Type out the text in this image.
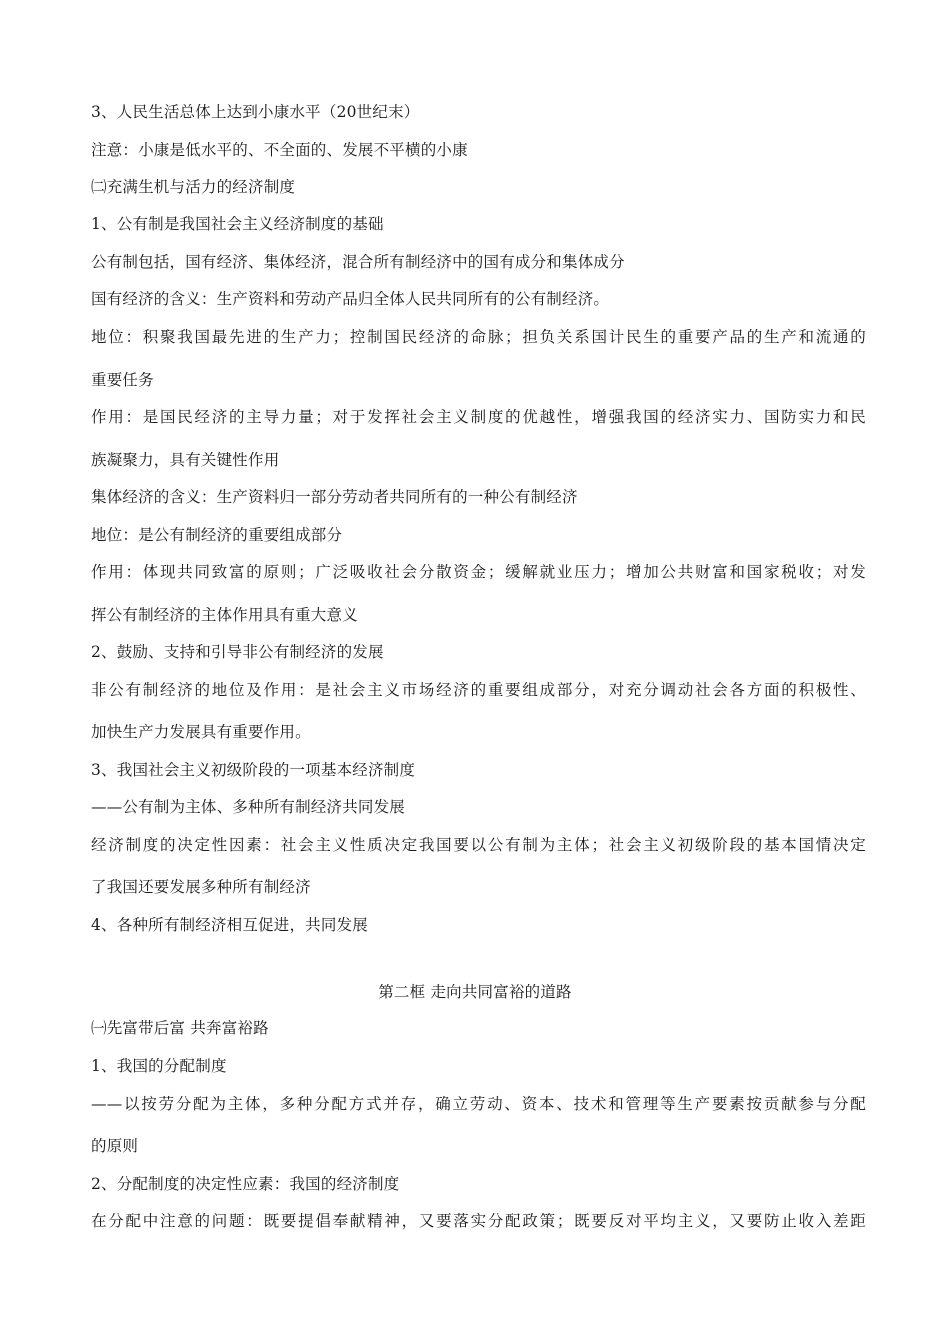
3、人民生活总体上达到小康水平（20世纪末）
注意：小康是低水平的、不全面的、发展不平横的小康
㈡充满生机与活力的经济制度
1、公有制是我国社会主义经济制度的基础
公有制包括，国有经济、集体经济，混合所有制经济中的国有成分和集体成分
国有经济的含义：生产资料和劳动产品归全体人民共同所有的公有制经济。
地位：积聚我国最先进的生产力；控制国民经济的命脉；担负关系国计民生的重要产品的生产和流通的
重要任务
作用：是国民经济的主导力量；对于发挥社会主义制度的优越性，增强我国的经济实力、国防实力和民
族凝聚力，具有关键性作用
集体经济的含义：生产资料归一部分劳动者共同所有的一种公有制经济
地位：是公有制经济的重要组成部分
作用：体现共同致富的原则；广泛吸收社会分散资金；缓解就业压力；增加公共财富和国家税收；对发
挥公有制经济的主体作用具有重大意义
2、鼓励、支持和引导非公有制经济的发展
非公有制经济的地位及作用：是社会主义市场经济的重要组成部分，对充分调动社会各方面的积极性、
加快生产力发展具有重要作用。
3、我国社会主义初级阶段的一项基本经济制度
——公有制为主体、多种所有制经济共同发展
经济制度的决定性因素：社会主义性质决定我国要以公有制为主体；社会主义初级阶段的基本国情决定
了我国还要发展多种所有制经济
4、各种所有制经济相互促进，共同发展
第二框 走向共同富裕的道路
㈠先富带后富 共奔富裕路
1、我国的分配制度
——以按劳分配为主体，多种分配方式并存，确立劳动、资本、技术和管理等生产要素按贡献参与分配
的原则
2、分配制度的决定性应素：我国的经济制度
在分配中注意的问题：既要提倡奉献精神，又要落实分配政策；既要反对平均主义，又要防止收入差距
